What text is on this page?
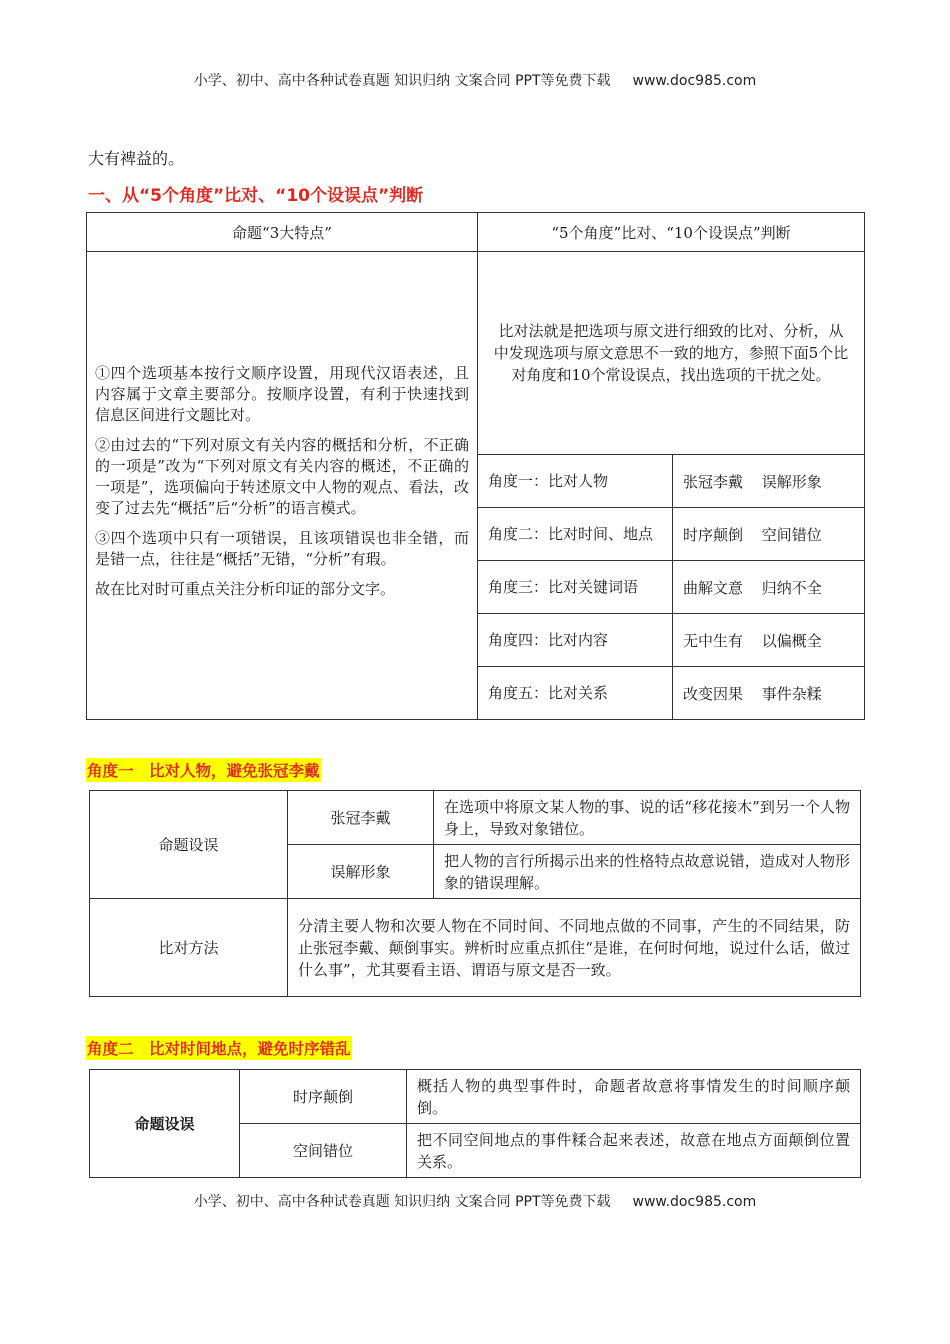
小学、初中、高中各种试卷真题 知识归纳 文案合同 PPT等免费下载 www.doc985.com
大有裨益的。
一、从“5个角度”比对、“10个设误点”判断
命题“3大特点”	“5个角度”比对、“10个设误点”判断	

①四个选项基本按行文顺序设置，用现代汉语表述，且内容属于文章主要部分。按顺序设置，有利于快速找到信息区间进行文题比对。

②由过去的“下列对原文有关内容的概括和分析，不正确的一项是”改为“下列对原文有关内容的概述，不正确的一项是”，选项偏向于转述原文中人物的观点、看法，改变了过去先“概括”后“分析”的语言模式。

③四个选项中只有一项错误，且该项错误也非全错，而是错一点，往往是“概括”无错，“分析”有瑕。

故在比对时可重点关注分析印证的部分文字。	比对法就是把选项与原文进行细致的比对、分析，从中发现选项与原文意思不一致的地方，参照下面5个比对角度和10个常设误点，找出选项的干扰之处。	
	角度一：比对人物	张冠李戴 误解形象
	角度二：比对时间、地点	时序颠倒 空间错位
	角度三：比对关键词语	曲解文意 归纳不全
	角度四：比对内容	无中生有 以偏概全
	角度五：比对关系	改变因果 事件杂糅
角度一　比对人物，避免张冠李戴
命题设误	张冠李戴	在选项中将原文某人物的事、说的话“移花接木”到另一个人物身上，导致对象错位。
	误解形象	把人物的言行所揭示出来的性格特点故意说错，造成对人物形象的错误理解。
比对方法	分清主要人物和次要人物在不同时间、不同地点做的不同事，产生的不同结果，防止张冠李戴、颠倒事实。辨析时应重点抓住“是谁，在何时何地，说过什么话，做过什么事”，尤其要看主语、谓语与原文是否一致。	
角度二　比对时间地点，避免时序错乱
命题设误	时序颠倒	概括人物的典型事件时，命题者故意将事情发生的时间顺序颠倒。
	空间错位	把不同空间地点的事件糅合起来表述，故意在地点方面颠倒位置关系。
小学、初中、高中各种试卷真题 知识归纳 文案合同 PPT等免费下载 www.doc985.com
